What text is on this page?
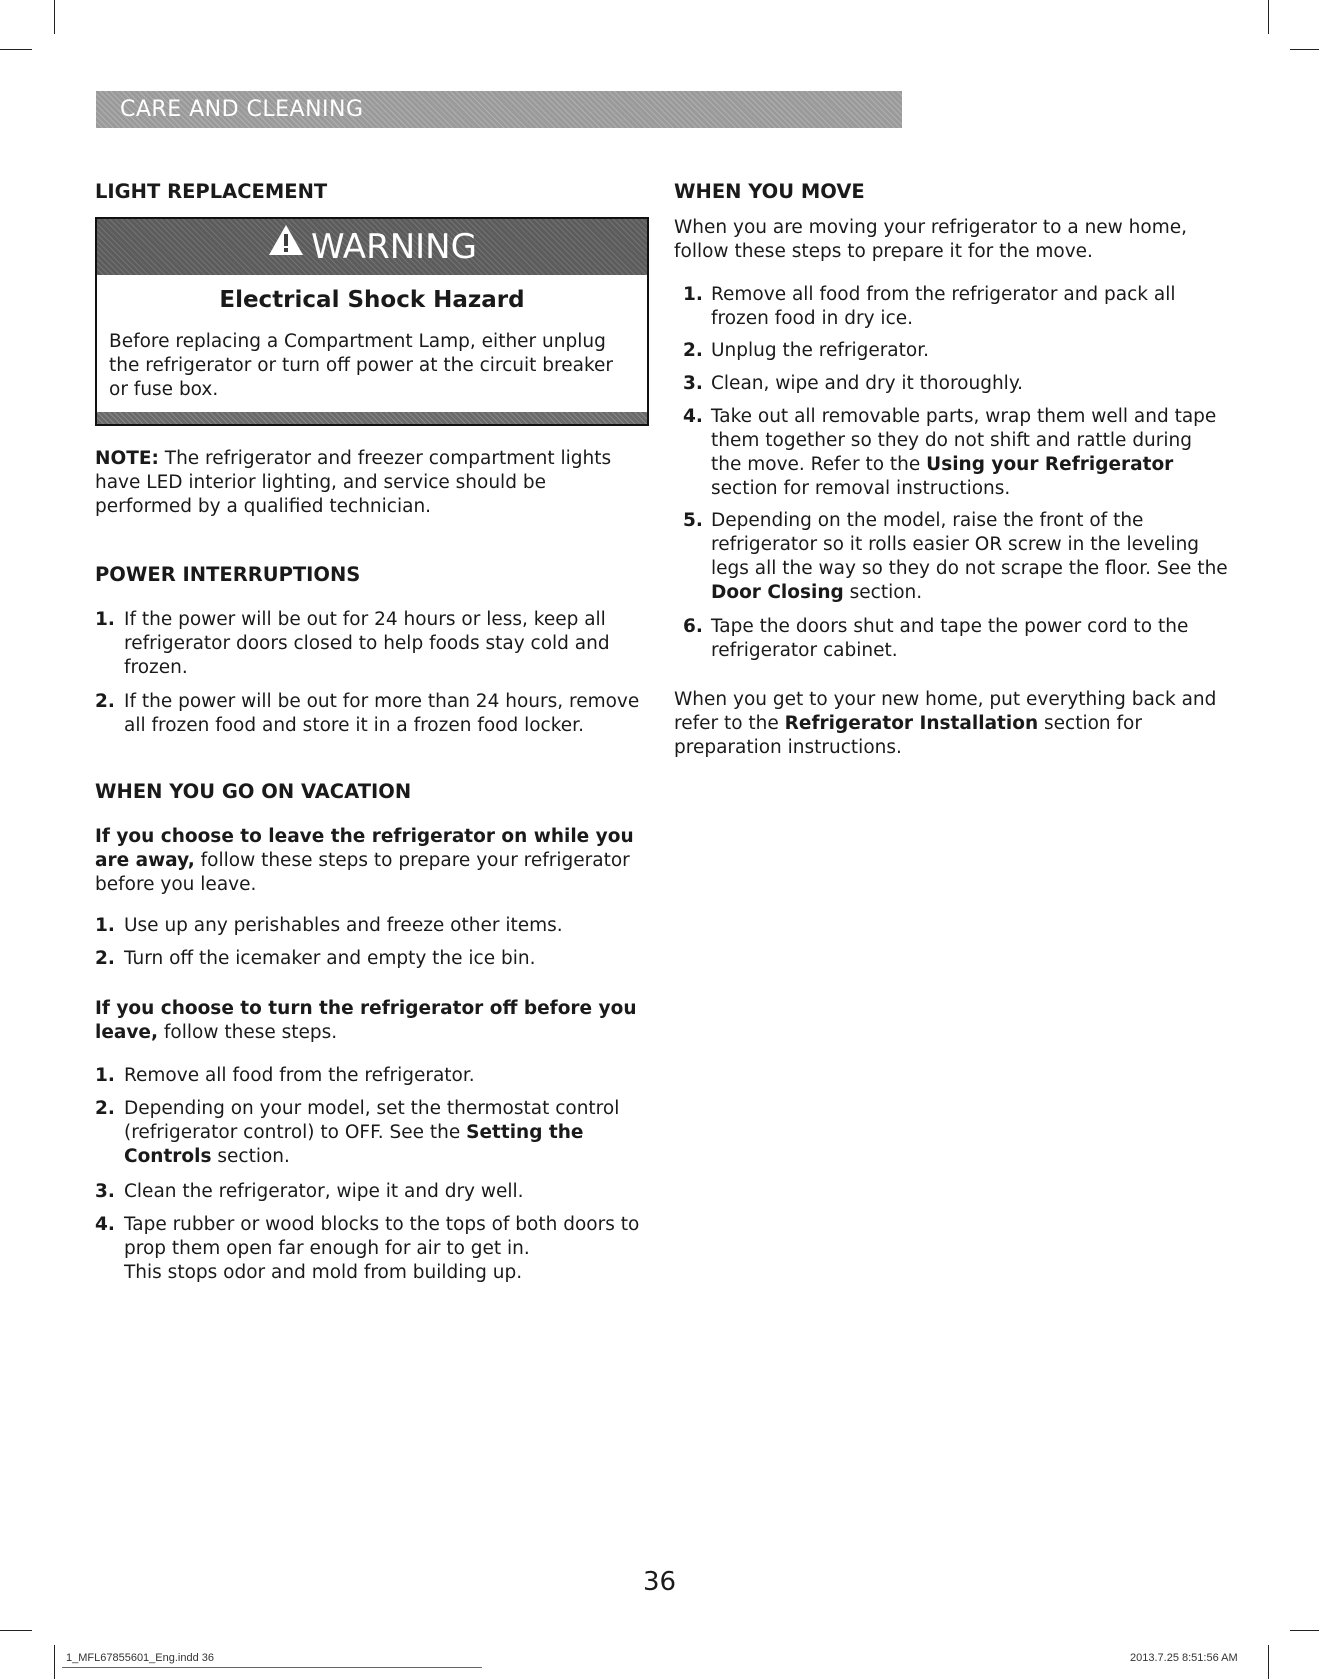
CARE AND CLEANING
LIGHT REPLACEMENT
WARNING
Electrical Shock Hazard
Before replacing a Compartment Lamp, either unplug the refrigerator or turn off power at the circuit breaker or fuse box.
NOTE: The refrigerator and freezer compartment lights have LED interior lighting, and service should be performed by a qualified technician.
POWER INTERRUPTIONS
1. If the power will be out for 24 hours or less, keep all refrigerator doors closed to help foods stay cold and frozen.
2. If the power will be out for more than 24 hours, remove all frozen food and store it in a frozen food locker.
WHEN YOU GO ON VACATION
If you choose to leave the refrigerator on while you are away, follow these steps to prepare your refrigerator before you leave.
1. Use up any perishables and freeze other items.
2. Turn off the icemaker and empty the ice bin.
If you choose to turn the refrigerator off before you leave, follow these steps.
1. Remove all food from the refrigerator.
2. Depending on your model, set the thermostat control (refrigerator control) to OFF. See the Setting the Controls section.
3. Clean the refrigerator, wipe it and dry well.
4. Tape rubber or wood blocks to the tops of both doors to prop them open far enough for air to get in.
This stops odor and mold from building up.
WHEN YOU MOVE
When you are moving your refrigerator to a new home, follow these steps to prepare it for the move.
1. Remove all food from the refrigerator and pack all frozen food in dry ice.
2. Unplug the refrigerator.
3. Clean, wipe and dry it thoroughly.
4. Take out all removable parts, wrap them well and tape them together so they do not shift and rattle during the move. Refer to the Using your Refrigerator section for removal instructions.
5. Depending on the model, raise the front of the refrigerator so it rolls easier OR screw in the leveling legs all the way so they do not scrape the floor. See the Door Closing section.
6. Tape the doors shut and tape the power cord to the refrigerator cabinet.
When you get to your new home, put everything back and refer to the Refrigerator Installation section for preparation instructions.
36
1_MFL67855601_Eng.indd 36	2013.7.25 8:51:56 AM
